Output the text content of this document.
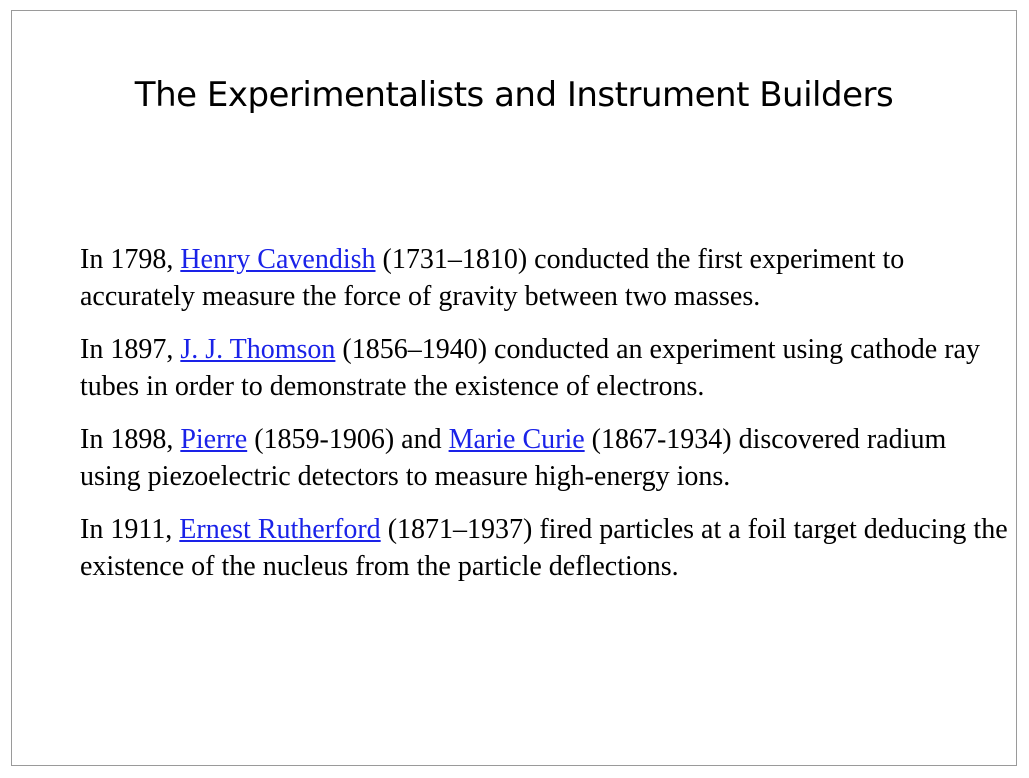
The Experimentalists and Instrument Builders

In 1798, Henry Cavendish (1731–1810) conducted the first experiment to accurately measure the force of gravity between two masses.

In 1897, J. J. Thomson (1856–1940) conducted an experiment using cathode ray tubes in order to demonstrate the existence of electrons.

In 1898, Pierre (1859-1906) and Marie Curie (1867-1934) discovered radium using piezoelectric detectors to measure high-energy ions.

In 1911, Ernest Rutherford (1871–1937) fired particles at a foil target deducing the existence of the nucleus from the particle deflections.
